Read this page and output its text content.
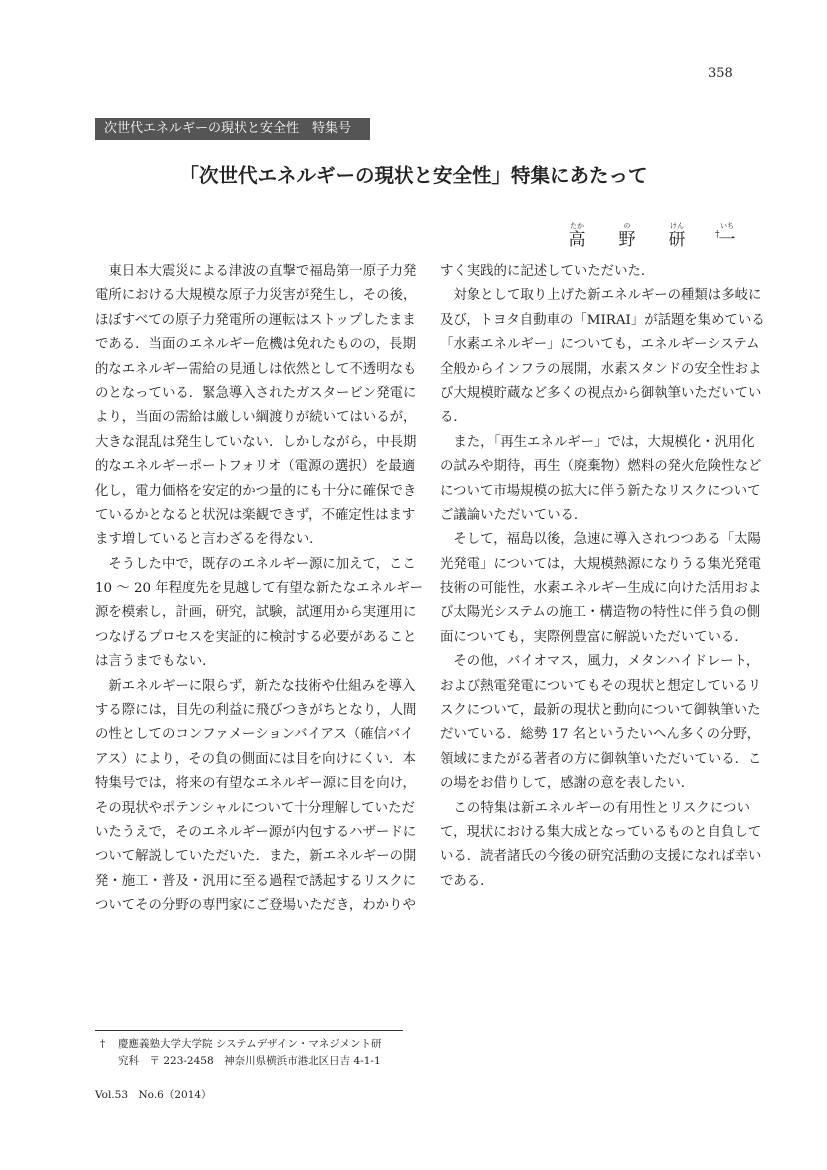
358
次世代エネルギーの現状と安全性　特集号
「次世代エネルギーの現状と安全性」特集にあたって
たか
高
の
野
けん
研
いち
一
†
東日本大震災による津波の直撃で福島第一原子力発
電所における大規模な原子力災害が発生し，その後，
ほぼすべての原子力発電所の運転はストップしたまま
である．当面のエネルギー危機は免れたものの，長期
的なエネルギー需給の見通しは依然として不透明なも
のとなっている．緊急導入されたガスタービン発電に
より，当面の需給は厳しい綱渡りが続いてはいるが，
大きな混乱は発生していない．しかしながら，中長期
的なエネルギーポートフォリオ（電源の選択）を最適
化し，電力価格を安定的かつ量的にも十分に確保でき
ているかとなると状況は楽観できず，不確定性はます
ます増していると言わざるを得ない．
そうした中で，既存のエネルギー源に加えて，ここ
10 ～ 20 年程度先を見越して有望な新たなエネルギー
源を模索し，計画，研究，試験，試運用から実運用に
つなげるプロセスを実証的に検討する必要があること
は言うまでもない．
新エネルギーに限らず，新たな技術や仕組みを導入
する際には，目先の利益に飛びつきがちとなり，人間
の性としてのコンファメーションバイアス（確信バイ
アス）により，その負の側面には目を向けにくい．本
特集号では，将来の有望なエネルギー源に目を向け，
その現状やポテンシャルについて十分理解していただ
いたうえで，そのエネルギー源が内包するハザードに
ついて解説していただいた．また，新エネルギーの開
発・施工・普及・汎用に至る過程で誘起するリスクに
ついてその分野の専門家にご登場いただき，わかりや
すく実践的に記述していただいた．
対象として取り上げた新エネルギーの種類は多岐に
及び，トヨタ自動車の「MIRAI」が話題を集めている
「水素エネルギー」についても，エネルギーシステム
全般からインフラの展開，水素スタンドの安全性およ
び大規模貯蔵など多くの視点から御執筆いただいてい
る．
また，「再生エネルギー」では，大規模化・汎用化
の試みや期待，再生（廃棄物）燃料の発火危険性など
について市場規模の拡大に伴う新たなリスクについて
ご議論いただいている．
そして，福島以後，急速に導入されつつある「太陽
光発電」については，大規模熱源になりうる集光発電
技術の可能性，水素エネルギー生成に向けた活用およ
び太陽光システムの施工・構造物の特性に伴う負の側
面についても，実際例豊富に解説いただいている．
その他，バイオマス，風力，メタンハイドレート，
および熱電発電についてもその現状と想定しているリ
スクについて，最新の現状と動向について御執筆いた
だいている．総勢 17 名というたいへん多くの分野，
領域にまたがる著者の方に御執筆いただいている．こ
の場をお借りして，感謝の意を表したい．
この特集は新エネルギーの有用性とリスクについ
て，現状における集大成となっているものと自負して
いる．読者諸氏の今後の研究活動の支援になれば幸い
である．
† 慶應義塾大学大学院 システムデザイン・マネジメント研
究科　〒 223-2458　神奈川県横浜市港北区日吉 4-1-1
Vol.53　No.6（2014）
